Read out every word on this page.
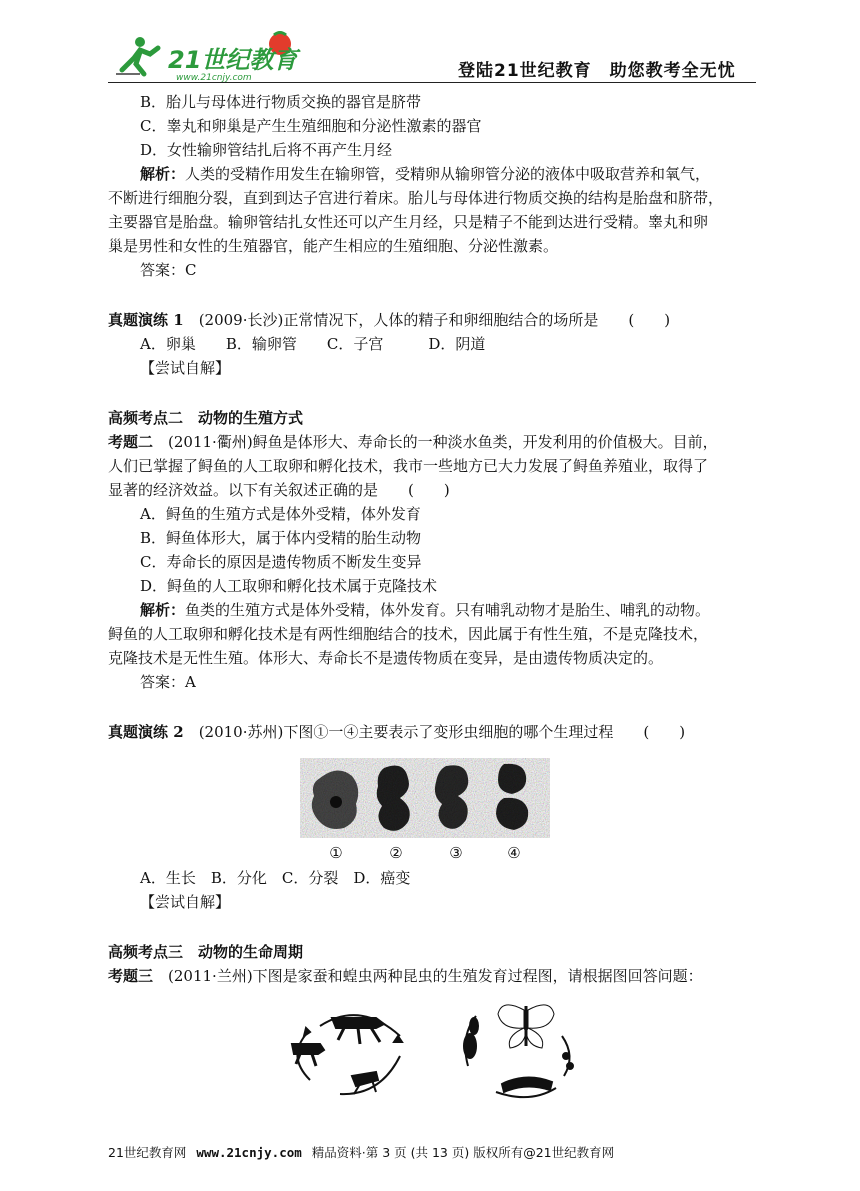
21世纪教育
www.21cnjy.com	登陆21世纪教育　助您教考全无忧
B．胎儿与母体进行物质交换的器官是脐带
C．睾丸和卵巢是产生生殖细胞和分泌性激素的器官
D．女性输卵管结扎后将不再产生月经
解析：人类的受精作用发生在输卵管，受精卵从输卵管分泌的液体中吸取营养和氧气，
不断进行细胞分裂，直到到达子宫进行着床。胎儿与母体进行物质交换的结构是胎盘和脐带，
主要器官是胎盘。输卵管结扎女性还可以产生月经，只是精子不能到达进行受精。睾丸和卵
巢是男性和女性的生殖器官，能产生相应的生殖细胞、分泌性激素。
答案：C
真题演练 1　 (2009·长沙)正常情况下，人体的精子和卵细胞结合的场所是　　(　　)
A．卵巢　　B．输卵管　　C．子宫　　　D．阴道
【尝试自解】
高频考点二　动物的生殖方式
考题二　 (2011·衢州)鲟鱼是体形大、寿命长的一种淡水鱼类，开发利用的价值极大。目前，
人们已掌握了鲟鱼的人工取卵和孵化技术，我市一些地方已大力发展了鲟鱼养殖业，取得了
显著的经济效益。以下有关叙述正确的是　　(　　)
A．鲟鱼的生殖方式是体外受精，体外发育
B．鲟鱼体形大，属于体内受精的胎生动物
C．寿命长的原因是遗传物质不断发生变异
D．鲟鱼的人工取卵和孵化技术属于克隆技术
解析：鱼类的生殖方式是体外受精，体外发育。只有哺乳动物才是胎生、哺乳的动物。
鲟鱼的人工取卵和孵化技术是有两性细胞结合的技术，因此属于有性生殖，不是克隆技术，
克隆技术是无性生殖。体形大、寿命长不是遗传物质在变异，是由遗传物质决定的。
答案：A
真题演练 2　 (2010·苏州)下图①一④主要表示了变形虫细胞的哪个生理过程　　(　　)
①	②	③	④
A．生长　B．分化　C．分裂　D．癌变
【尝试自解】
高频考点三　动物的生命周期
考题三　 (2011·兰州)下图是家蚕和蝗虫两种昆虫的生殖发育过程图，请根据图回答问题：
21世纪教育网 www.21cnjy.com 精品资料·第 3 页 (共 13 页) 版权所有@21世纪教育网
